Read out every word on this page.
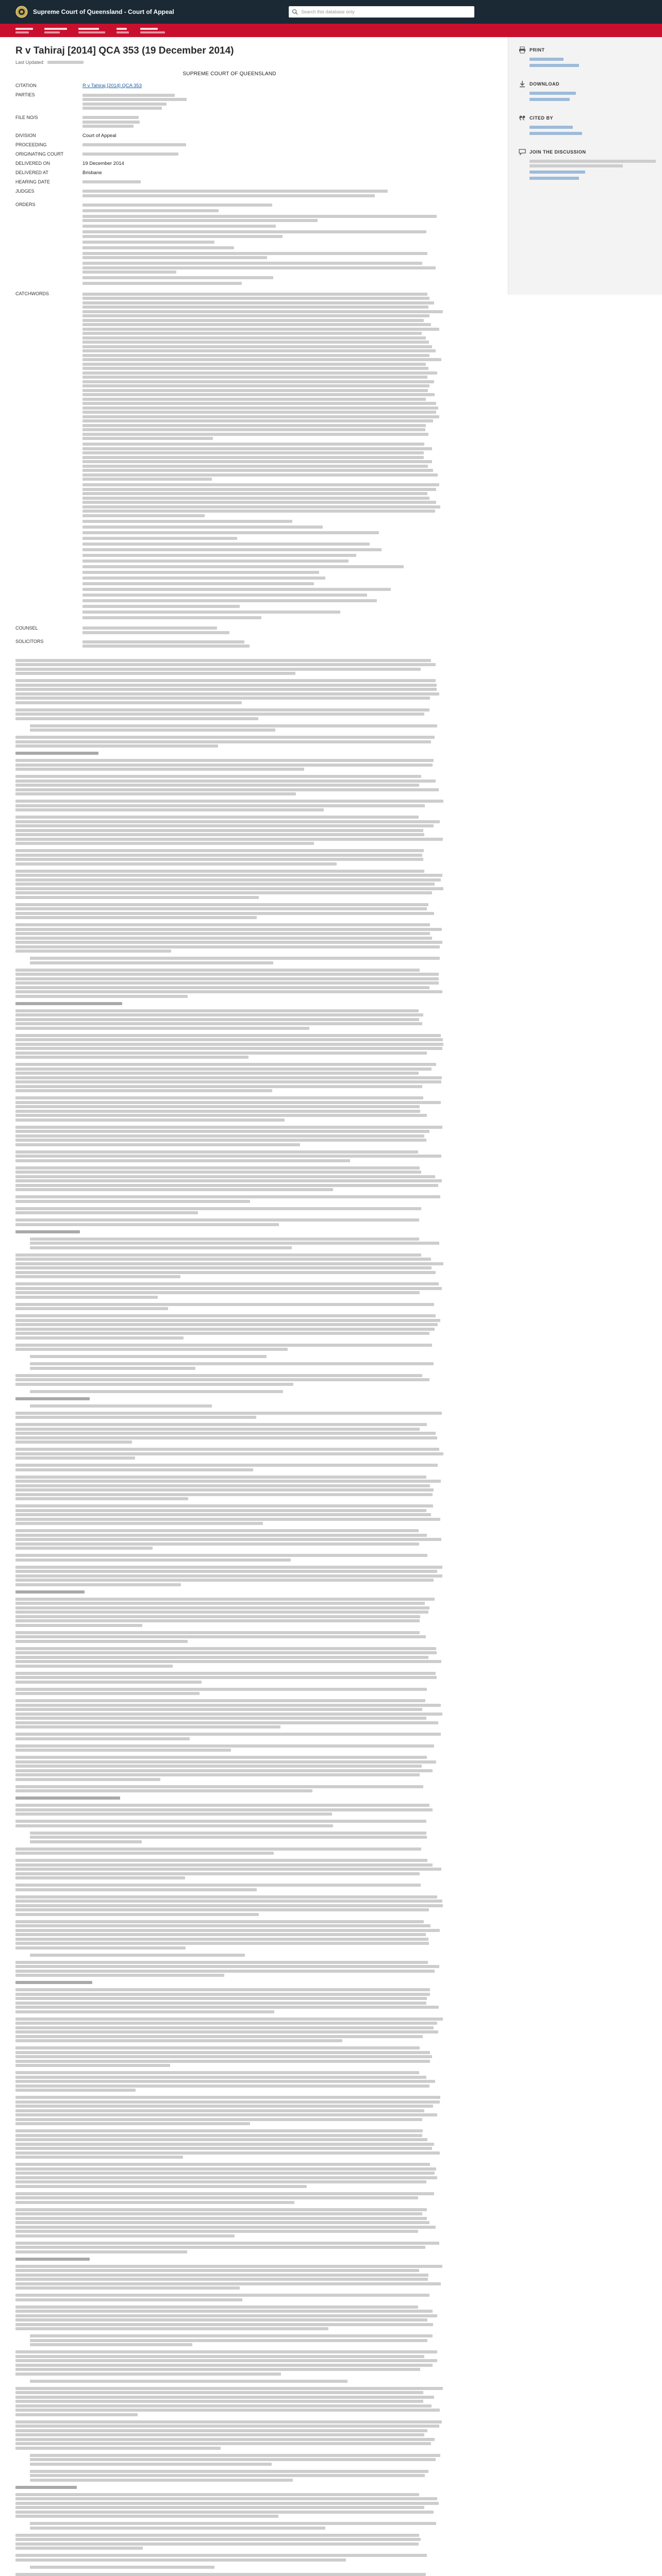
Supreme Court of Queensland - Court of Appeal
Search this database only
R v Tahiraj [2014] QCA 353 (19 December 2014)
Last Updated:
SUPREME COURT OF QUEENSLAND
CITATION	R v Tahiraj [2014] QCA 353
PARTIES	

FILE NO/S	

DIVISION	Court of Appeal
PROCEEDING	

ORIGINATING COURT	

DELIVERED ON	19 December 2014
DELIVERED AT	Brisbane
HEARING DATE	

JUDGES	

ORDERS	

CATCHWORDS	

COUNSEL	

SOLICITORS	
PRINT
DOWNLOAD
CITED BY
JOIN THE DISCUSSION
